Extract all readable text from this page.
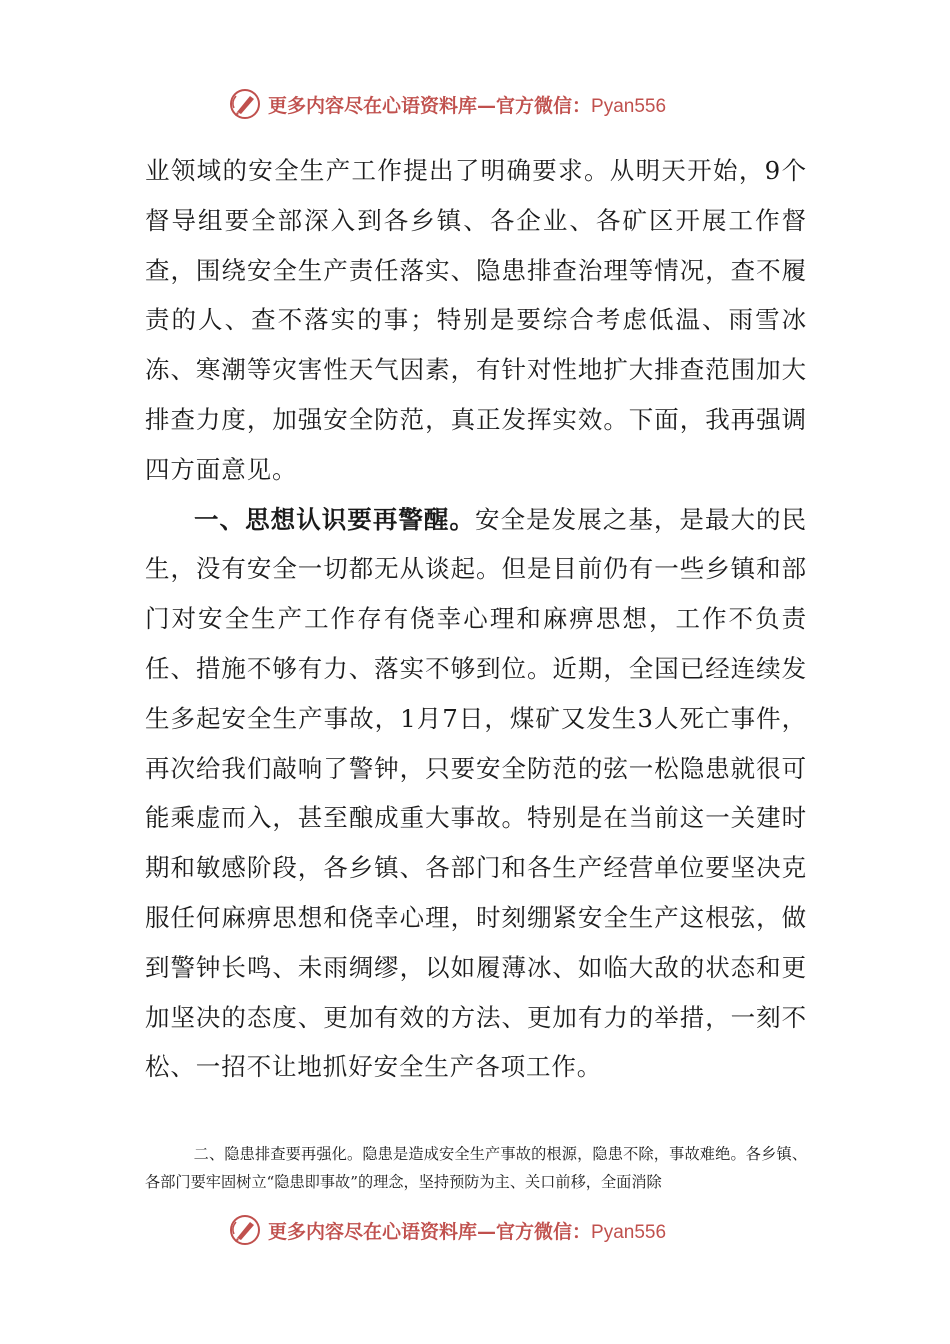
更多内容尽在心语资料库—官方微信：Pyan556

业领域的安全生产工作提出了明确要求。从明天开始，9个督导组要全部深入到各乡镇、各企业、各矿区开展工作督查，围绕安全生产责任落实、隐患排查治理等情况，查不履责的人、查不落实的事；特别是要综合考虑低温、雨雪冰冻、寒潮等灾害性天气因素，有针对性地扩大排查范围加大排查力度，加强安全防范，真正发挥实效。下面，我再强调四方面意见。

一、思想认识要再警醒。安全是发展之基，是最大的民生，没有安全一切都无从谈起。但是目前仍有一些乡镇和部门对安全生产工作存有侥幸心理和麻痹思想，工作不负责任、措施不够有力、落实不够到位。近期，全国已经连续发生多起安全生产事故，1月7日，煤矿又发生3人死亡事件，再次给我们敲响了警钟，只要安全防范的弦一松隐患就很可能乘虚而入，甚至酿成重大事故。特别是在当前这一关建时期和敏感阶段，各乡镇、各部门和各生产经营单位要坚决克服任何麻痹思想和侥幸心理，时刻绷紧安全生产这根弦，做到警钟长鸣、未雨绸缪，以如履薄冰、如临大敌的状态和更加坚决的态度、更加有效的方法、更加有力的举措，一刻不松、一招不让地抓好安全生产各项工作。

二、隐患排查要再强化。隐患是造成安全生产事故的根源，隐患不除，事故难绝。各乡镇、各部门要牢固树立“隐患即事故”的理念，坚持预防为主、关口前移，全面消除

更多内容尽在心语资料库—官方微信：Pyan556
